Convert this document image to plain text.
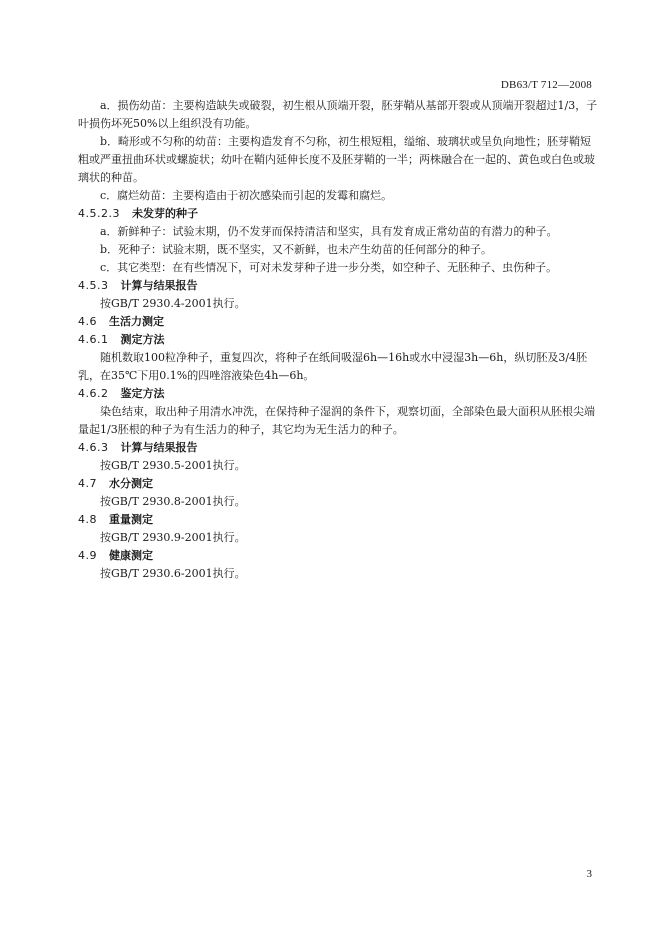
DB63/T 712—2008

a．损伤幼苗：主要构造缺失或破裂，初生根从顶端开裂，胚芽鞘从基部开裂或从顶端开裂超过1/3，子叶损伤坏死50%以上组织没有功能。

b．畸形或不匀称的幼苗：主要构造发育不匀称，初生根短粗，缢缩、玻璃状或呈负向地性；胚芽鞘短粗或严重扭曲环状或螺旋状；幼叶在鞘内延伸长度不及胚芽鞘的一半；两株融合在一起的、黄色或白色或玻璃状的种苗。

c．腐烂幼苗：主要构造由于初次感染而引起的发霉和腐烂。

4.5.2.3 未发芽的种子

a．新鲜种子：试验末期，仍不发芽而保持清洁和坚实，具有发育成正常幼苗的有潜力的种子。

b．死种子：试验末期，既不坚实，又不新鲜，也未产生幼苗的任何部分的种子。

c．其它类型：在有些情况下，可对未发芽种子进一步分类，如空种子、无胚种子、虫伤种子。

4.5.3 计算与结果报告

按GB/T 2930.4-2001执行。

4.6 生活力测定

4.6.1 测定方法

随机数取100粒净种子，重复四次，将种子在纸间吸湿6h—16h或水中浸湿3h—6h，纵切胚及3/4胚乳，在35℃下用0.1%的四唑溶液染色4h—6h。

4.6.2 鉴定方法

染色结束，取出种子用清水冲洗，在保持种子湿润的条件下，观察切面，全部染色最大面积从胚根尖端量起1/3胚根的种子为有生活力的种子，其它均为无生活力的种子。

4.6.3 计算与结果报告

按GB/T 2930.5-2001执行。

4.7 水分测定

按GB/T 2930.8-2001执行。

4.8 重量测定

按GB/T 2930.9-2001执行。

4.9 健康测定

按GB/T 2930.6-2001执行。

3
